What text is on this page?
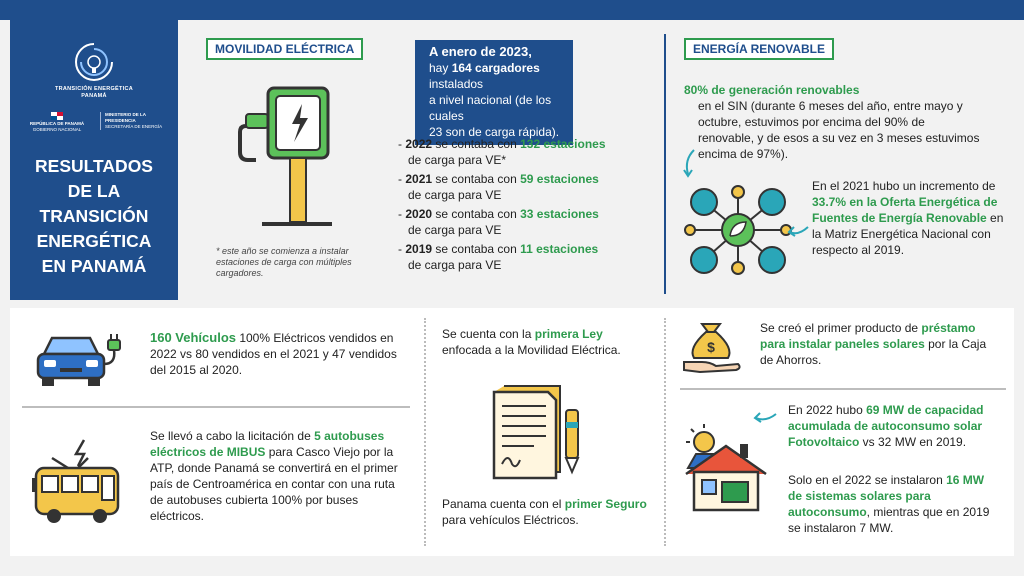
TRANSICIÓN ENERGÉTICA
PANAMÁ
REPÚBLICA DE PANAMÁ
GOBIERNO NACIONAL
MINISTERIO DE LA PRESIDENCIA
SECRETARÍA DE ENERGÍA
RESULTADOS
DE LA
TRANSICIÓN
ENERGÉTICA
EN PANAMÁ
MOVILIDAD ELÉCTRICA
* este año se comienza a instalar estaciones de carga con múltiples cargadores.
A enero de 2023,
hay 164 cargadores instalados
a nivel nacional (de los cuales
23 son de carga rápida).
- 2022 se contaba con 132 estaciones
de carga para VE*
- 2021 se contaba con 59 estaciones
de carga para VE
- 2020 se contaba con 33 estaciones
de carga para VE
- 2019 se contaba con 11 estaciones
de carga para VE
ENERGÍA RENOVABLE
80% de generación renovables
en el SIN (durante 6 meses del año, entre mayo y octubre, estuvimos por encima del 90% de renovable, y de esos a su vez en 3 meses estuvimos encima de 97%).
En el 2021 hubo un incremento de 33.7% en la Oferta Energética de Fuentes de Energía Renovable en la Matriz Energética Nacional con respecto al 2019.
160 Vehículos 100% Eléctricos vendidos en 2022 vs 80 vendidos en el 2021 y 47 vendidos del 2015 al 2020.
Se llevó a cabo la licitación de 5 autobuses eléctricos de MIBUS para Casco Viejo por la ATP, donde Panamá se convertirá en el primer país de Centroamérica en contar con una ruta de autobuses cubierta 100% por buses eléctricos.
Se cuenta con la primera Ley enfocada a la Movilidad Eléctrica.
Panama cuenta con el primer Seguro para vehículos Eléctricos.
$
Se creó el primer producto de préstamo para instalar paneles solares por la Caja de Ahorros.
En 2022 hubo 69 MW de capacidad acumulada de autoconsumo solar Fotovoltaico vs 32 MW en 2019.
Solo en el 2022 se instalaron 16 MW de sistemas solares para autoconsumo, mientras que en 2019 se instalaron 7 MW.
